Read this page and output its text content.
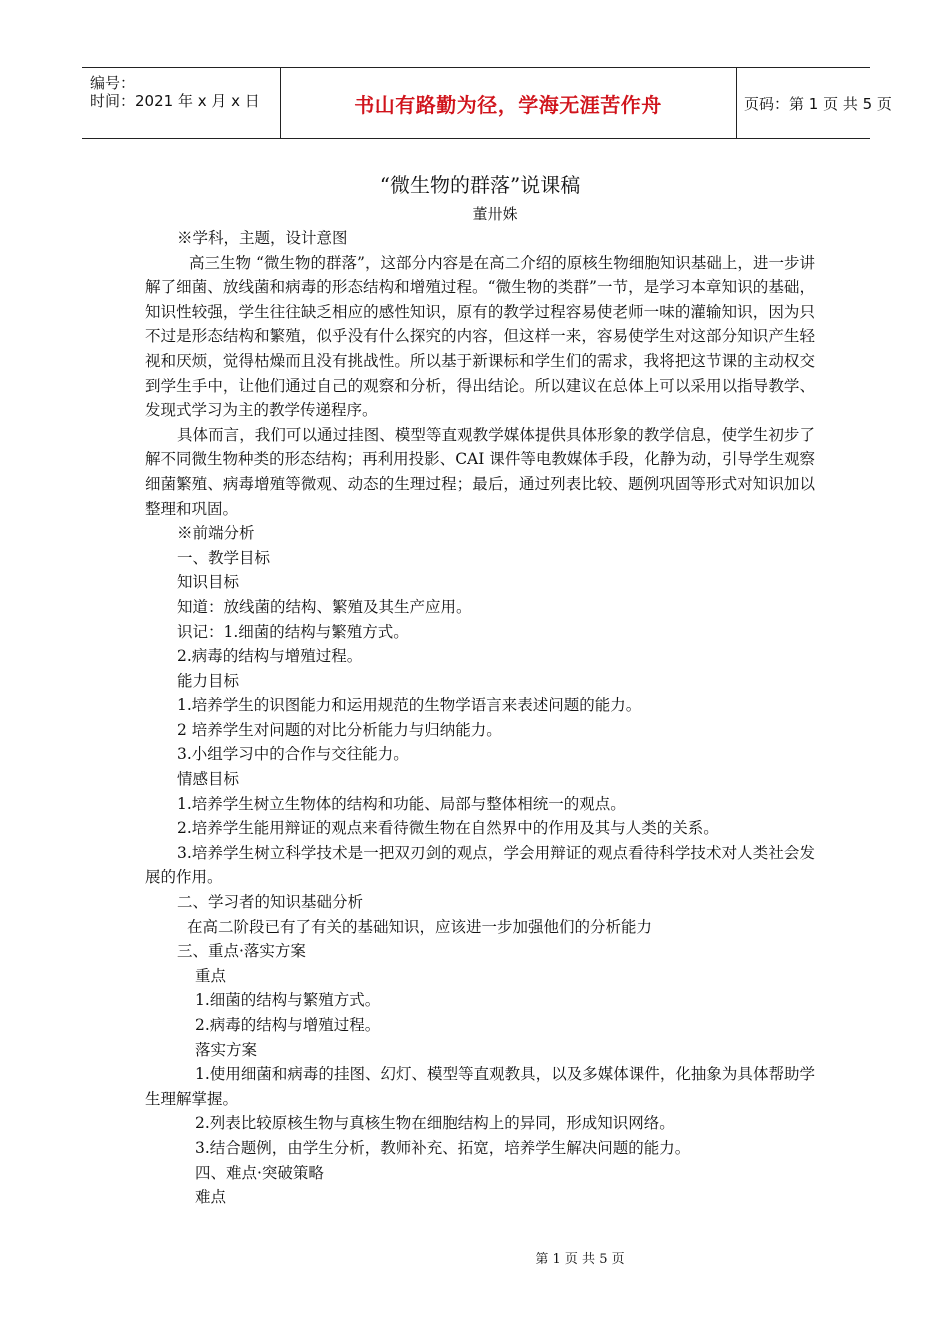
编号：
时间：2021 年 x 月 x 日	书山有路勤为径，学海无涯苦作舟	页码：第 1 页 共 5 页
“微生物的群落”说课稿
董卅姝

※学科，主题，设计意图

高三生物 “微生物的群落”，这部分内容是在高二介绍的原核生物细胞知识基础上，进一步讲解了细菌、放线菌和病毒的形态结构和增殖过程。“微生物的类群”一节，是学习本章知识的基础，知识性较强，学生往往缺乏相应的感性知识，原有的教学过程容易使老师一味的灌输知识，因为只不过是形态结构和繁殖，似乎没有什么探究的内容，但这样一来，容易使学生对这部分知识产生轻视和厌烦，觉得枯燥而且没有挑战性。所以基于新课标和学生们的需求，我将把这节课的主动权交到学生手中，让他们通过自己的观察和分析，得出结论。所以建议在总体上可以采用以指导教学、发现式学习为主的教学传递程序。

具体而言，我们可以通过挂图、模型等直观教学媒体提供具体形象的教学信息，使学生初步了解不同微生物种类的形态结构；再利用投影、CAI 课件等电教媒体手段，化静为动，引导学生观察细菌繁殖、病毒增殖等微观、动态的生理过程；最后，通过列表比较、题例巩固等形式对知识加以整理和巩固。

※前端分析

一、教学目标

知识目标

知道：放线菌的结构、繁殖及其生产应用。

识记：1.细菌的结构与繁殖方式。

2.病毒的结构与增殖过程。

能力目标

1.培养学生的识图能力和运用规范的生物学语言来表述问题的能力。

2 培养学生对问题的对比分析能力与归纳能力。

3.小组学习中的合作与交往能力。

情感目标

1.培养学生树立生物体的结构和功能、局部与整体相统一的观点。

2.培养学生能用辩证的观点来看待微生物在自然界中的作用及其与人类的关系。

3.培养学生树立科学技术是一把双刃剑的观点，学会用辩证的观点看待科学技术对人类社会发展的作用。

二、学习者的知识基础分析

在高二阶段已有了有关的基础知识，应该进一步加强他们的分析能力

三、重点·落实方案

重点

1.细菌的结构与繁殖方式。

2.病毒的结构与增殖过程。

落实方案

1.使用细菌和病毒的挂图、幻灯、模型等直观教具，以及多媒体课件，化抽象为具体帮助学生理解掌握。

2.列表比较原核生物与真核生物在细胞结构上的异同，形成知识网络。

3.结合题例，由学生分析，教师补充、拓宽，培养学生解决问题的能力。

四、难点·突破策略

难点

第 1 页 共 5 页
